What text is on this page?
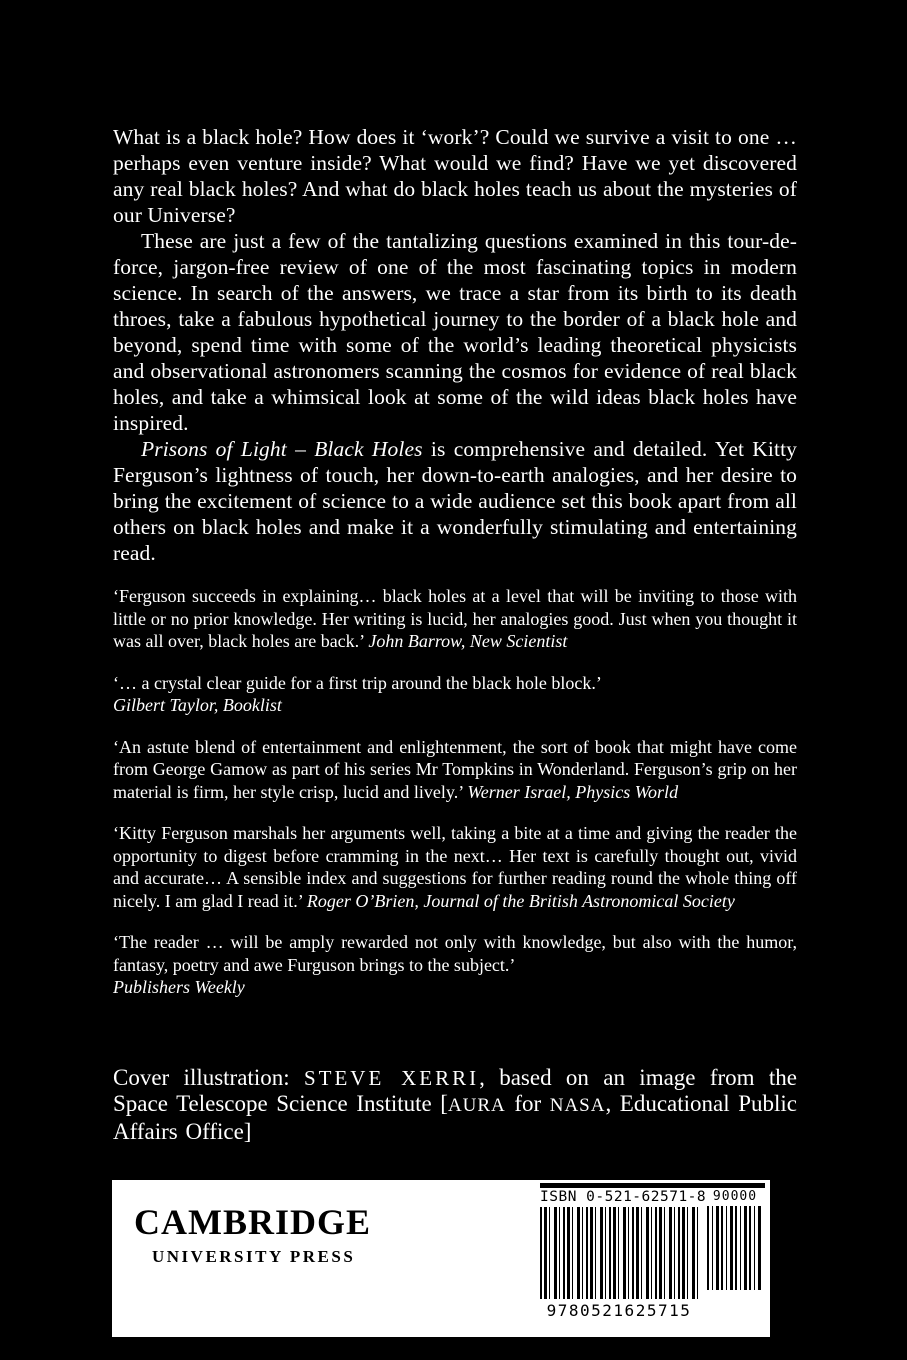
What is a black hole? How does it ‘work’? Could we survive a visit to one … perhaps even venture inside? What would we find? Have we yet discovered any real black holes? And what do black holes teach us about the mysteries of our Universe?

These are just a few of the tantalizing questions examined in this tour-de-force, jargon-free review of one of the most fascinating topics in modern science. In search of the answers, we trace a star from its birth to its death throes, take a fabulous hypothetical journey to the border of a black hole and beyond, spend time with some of the world’s leading theoretical physicists and observational astronomers scanning the cosmos for evidence of real black holes, and take a whimsical look at some of the wild ideas black holes have inspired.

Prisons of Light – Black Holes is comprehensive and detailed. Yet Kitty Ferguson’s lightness of touch, her down-to-earth analogies, and her desire to bring the excitement of science to a wide audience set this book apart from all others on black holes and make it a wonderfully stimulating and entertaining read.

‘Ferguson succeeds in explaining… black holes at a level that will be inviting to those with little or no prior knowledge. Her writing is lucid, her analogies good. Just when you thought it was all over, black holes are back.’ John Barrow, New Scientist

‘… a crystal clear guide for a first trip around the black hole block.’

Gilbert Taylor, Booklist

‘An astute blend of entertainment and enlightenment, the sort of book that might have come from George Gamow as part of his series Mr Tompkins in Wonderland. Ferguson’s grip on her material is firm, her style crisp, lucid and lively.’ Werner Israel, Physics World

‘Kitty Ferguson marshals her arguments well, taking a bite at a time and giving the reader the opportunity to digest before cramming in the next… Her text is carefully thought out, vivid and accurate… A sensible index and suggestions for further reading round the whole thing off nicely. I am glad I read it.’ Roger O’Brien, Journal of the British Astronomical Society

‘The reader … will be amply rewarded not only with knowledge, but also with the humor, fantasy, poetry and awe Furguson brings to the subject.’

Publishers Weekly

Cover illustration: STEVE XERRI, based on an image from the Space Telescope Science Institute [AURA for NASA, Educational Public Affairs Office]

CAMBRIDGE
UNIVERSITY PRESS
ISBN 0-521-62571-8
9780521625715
90000
